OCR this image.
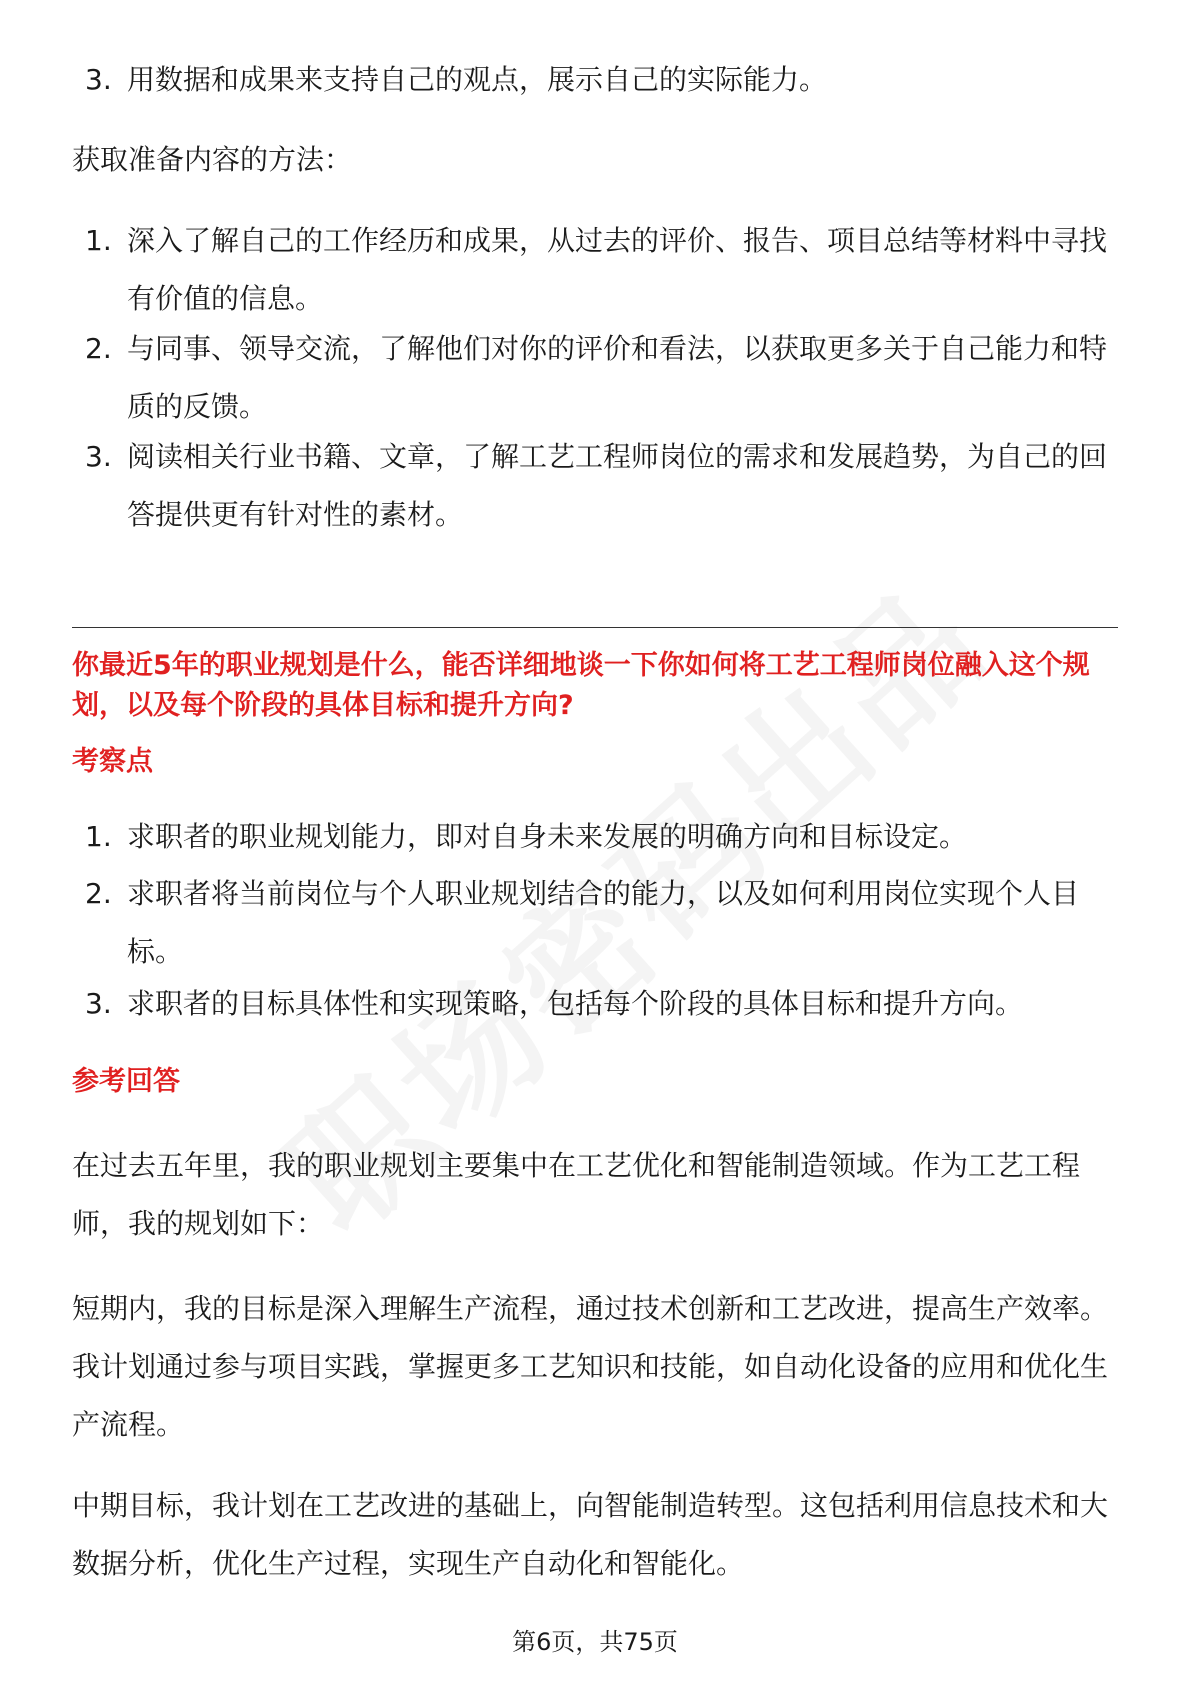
3. 用数据和成果来支持自己的观点，展示自己的实际能力。
获取准备内容的方法：
1. 深入了解自己的工作经历和成果，从过去的评价、报告、项目总结等材料中寻找有价值的信息。
2. 与同事、领导交流，了解他们对你的评价和看法，以获取更多关于自己能力和特质的反馈。
3. 阅读相关行业书籍、文章，了解工艺工程师岗位的需求和发展趋势，为自己的回答提供更有针对性的素材。
你最近5年的职业规划是什么，能否详细地谈一下你如何将工艺工程师岗位融入这个规划，以及每个阶段的具体目标和提升方向?
考察点
1. 求职者的职业规划能力，即对自身未来发展的明确方向和目标设定。
2. 求职者将当前岗位与个人职业规划结合的能力，以及如何利用岗位实现个人目标。
3. 求职者的目标具体性和实现策略，包括每个阶段的具体目标和提升方向。
参考回答
在过去五年里，我的职业规划主要集中在工艺优化和智能制造领域。作为工艺工程师，我的规划如下：
短期内，我的目标是深入理解生产流程，通过技术创新和工艺改进，提高生产效率。我计划通过参与项目实践，掌握更多工艺知识和技能，如自动化设备的应用和优化生产流程。
中期目标，我计划在工艺改进的基础上，向智能制造转型。这包括利用信息技术和大数据分析，优化生产过程，实现生产自动化和智能化。
第6页，共75页
